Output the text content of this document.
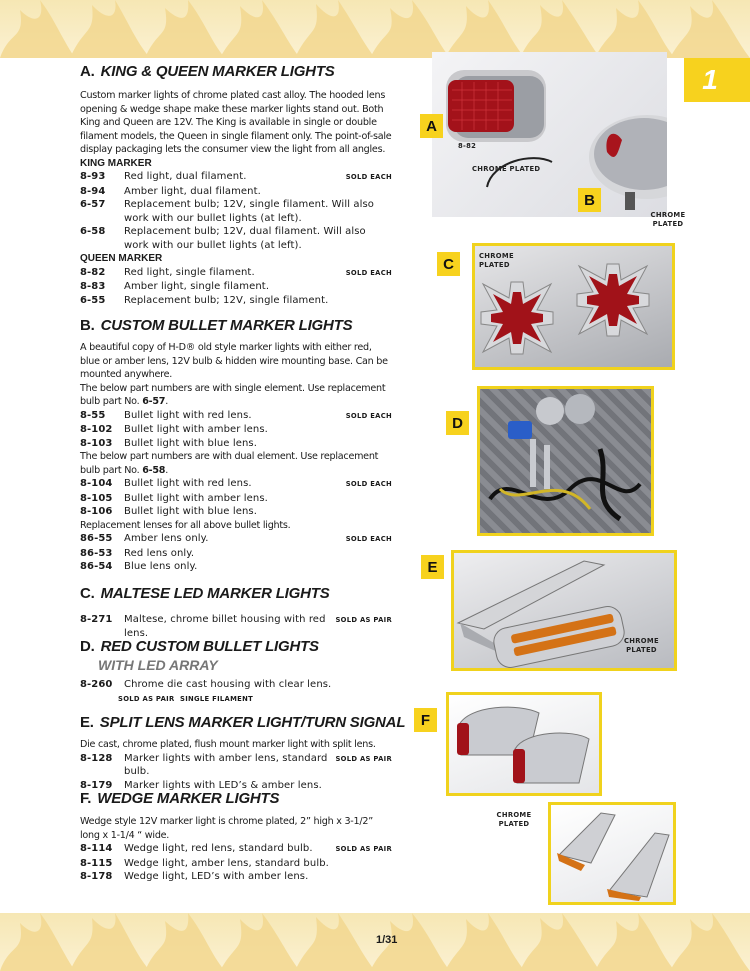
1
A. KING & QUEEN MARKER LIGHTS

Custom marker lights of chrome plated cast alloy. The hooded lens opening & wedge shape make these marker lights stand out. Both King and Queen are 12V. The King is available in single or double filament models, the Queen in single filament only. The point-of-sale display packaging lets the consumer view the light from all angles.

KING MARKER
8-93	Red light, dual filament.	SOLD EACH
8-94	Amber light, dual filament.
6-57	Replacement bulb; 12V, single filament. Will also
work with our bullet lights (at left).
6-58	Replacement bulb; 12V, dual filament. Will also
work with our bullet lights (at left).
QUEEN MARKER
8-82	Red light, single filament.	SOLD EACH
8-83	Amber light, single filament.
6-55	Replacement bulb; 12V, single filament.
B. CUSTOM BULLET MARKER LIGHTS

A beautiful copy of H-D® old style marker lights with either red, blue or amber lens, 12V bulb & hidden wire mounting base. Can be mounted anywhere.

The below part numbers are with single element. Use replacement bulb part No. 6-57.

8-55	Bullet light with red lens.	SOLD EACH
8-102	Bullet light with amber lens.
8-103	Bullet light with blue lens.

The below part numbers are with dual element. Use replacement bulb part No. 6-58.

8-104	Bullet light with red lens.	SOLD EACH
8-105	Bullet light with amber lens.
8-106	Bullet light with blue lens.

Replacement lenses for all above bullet lights.

86-55	Amber lens only.	SOLD EACH
86-53	Red lens only.
86-54	Blue lens only.
C. MALTESE LED MARKER LIGHTS
8-271	Maltese, chrome billet housing with red lens.
SOLD AS PAIR
D. RED CUSTOM BULLET LIGHTS
WITH LED ARRAY
8-260	Chrome die cast housing with clear lens.
SOLD AS PAIR SINGLE FILAMENT
E. SPLIT LENS MARKER LIGHT/TURN SIGNAL

Die cast, chrome plated, flush mount marker light with split lens.

8-128	Marker lights with amber lens, standard bulb.
SOLD AS PAIR
8-179	Marker lights with LED’s & amber lens.
F. WEDGE MARKER LIGHTS

Wedge style 12V marker light is chrome plated, 2” high x 3-1/2” long x 1-1/4 “ wide.

8-114	Wedge light, red lens, standard bulb.	SOLD AS PAIR
8-115	Wedge light, amber lens, standard bulb.
8-178	Wedge light, LED’s with amber lens.
8-82
CHROME PLATED
A
B
CHROME
PLATED
CHROME
PLATED
C
D
CHROME
PLATED
E
F
CHROME
PLATED
1/31
